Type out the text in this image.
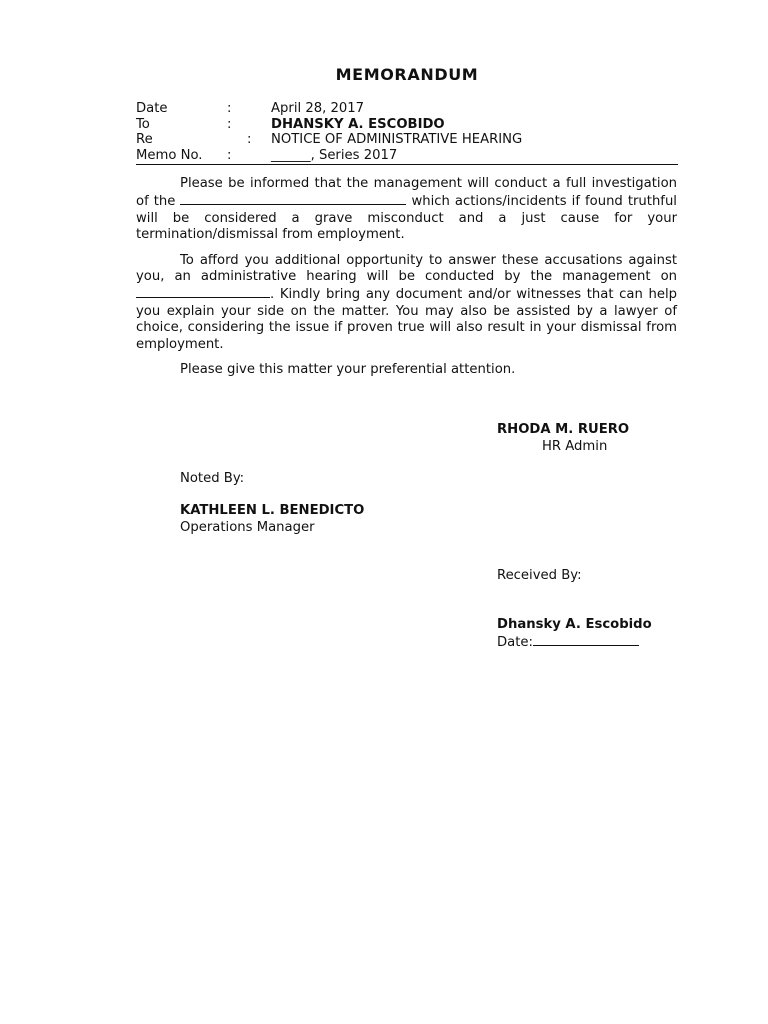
MEMORANDUM
Date	:	April 28, 2017
To	:	DHANSKY A. ESCOBIDO
Re	: NOTICE OF ADMINISTRATIVE HEARING
Memo No. :	______, Series 2017

Please be informed that the management will conduct a full investigation of the	which actions/incidents if found truthful will be considered a grave misconduct and a just cause for your termination/dismissal from employment.

To afford you additional opportunity to answer these accusations against you, an administrative hearing will be conducted by the management on . Kindly bring any document and/or witnesses that can help you explain your side on the matter. You may also be assisted by a lawyer of choice, considering the issue if proven true will also result in your dismissal from employment.

Please give this matter your preferential attention.

RHODA M. RUERO
HR Admin
Noted By:
KATHLEEN L. BENEDICTO
Operations Manager
Received By:
Dhansky A. Escobido
Date:
